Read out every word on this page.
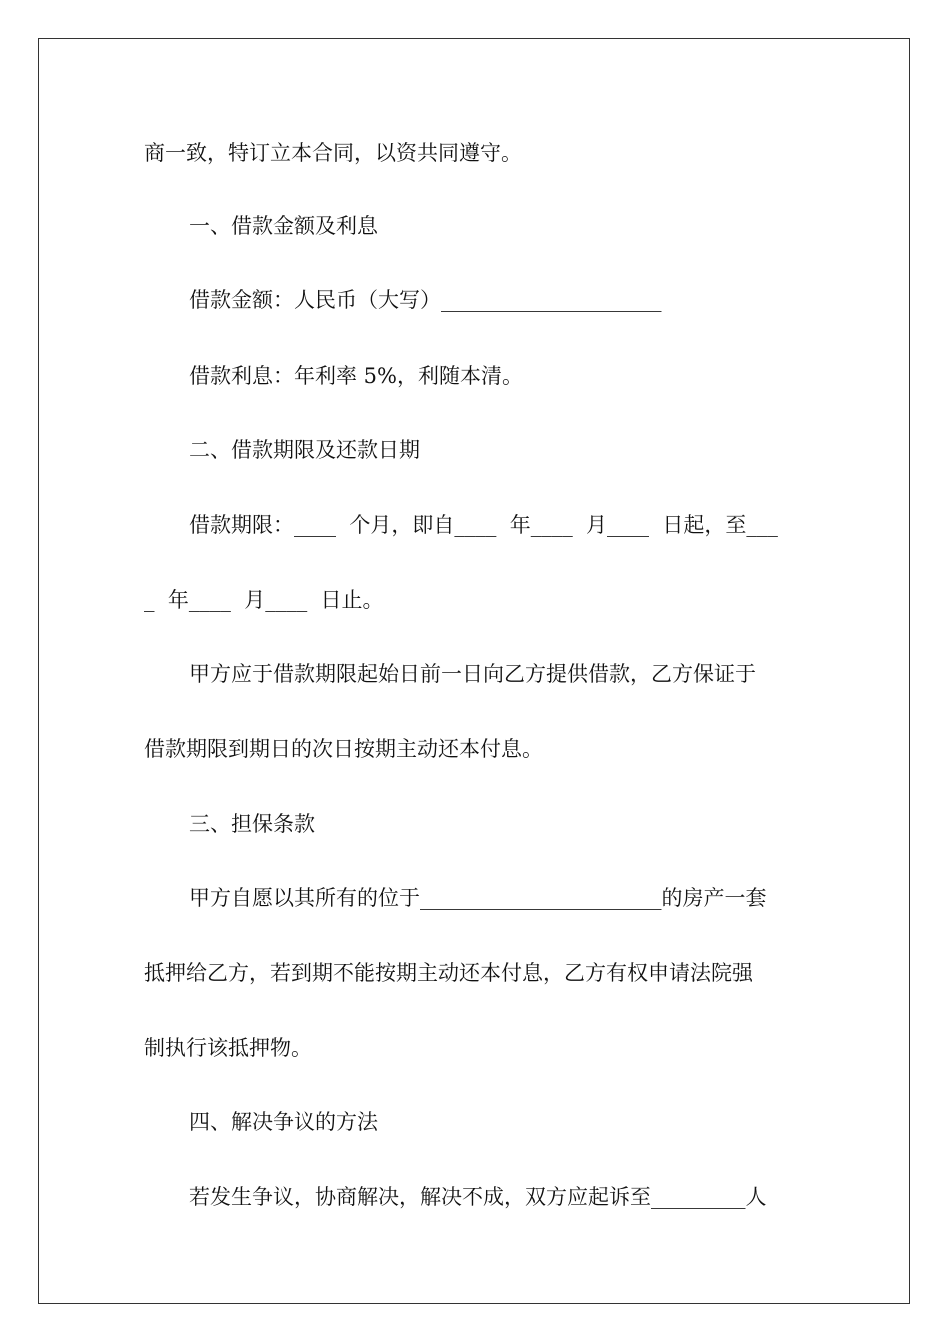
商一致，特订立本合同，以资共同遵守。
一、借款金额及利息
借款金额：人民币（大写）_____________________
借款利息：年利率 5%，利随本清。
二、借款期限及还款日期
借款期限：____  个月，即自____  年____  月____  日起，至___
_  年____  月____  日止。
甲方应于借款期限起始日前一日向乙方提供借款，乙方保证于
借款期限到期日的次日按期主动还本付息。
三、担保条款
甲方自愿以其所有的位于_______________________的房产一套
抵押给乙方，若到期不能按期主动还本付息，乙方有权申请法院强
制执行该抵押物。
四、解决争议的方法
若发生争议，协商解决，解决不成，双方应起诉至_________人
